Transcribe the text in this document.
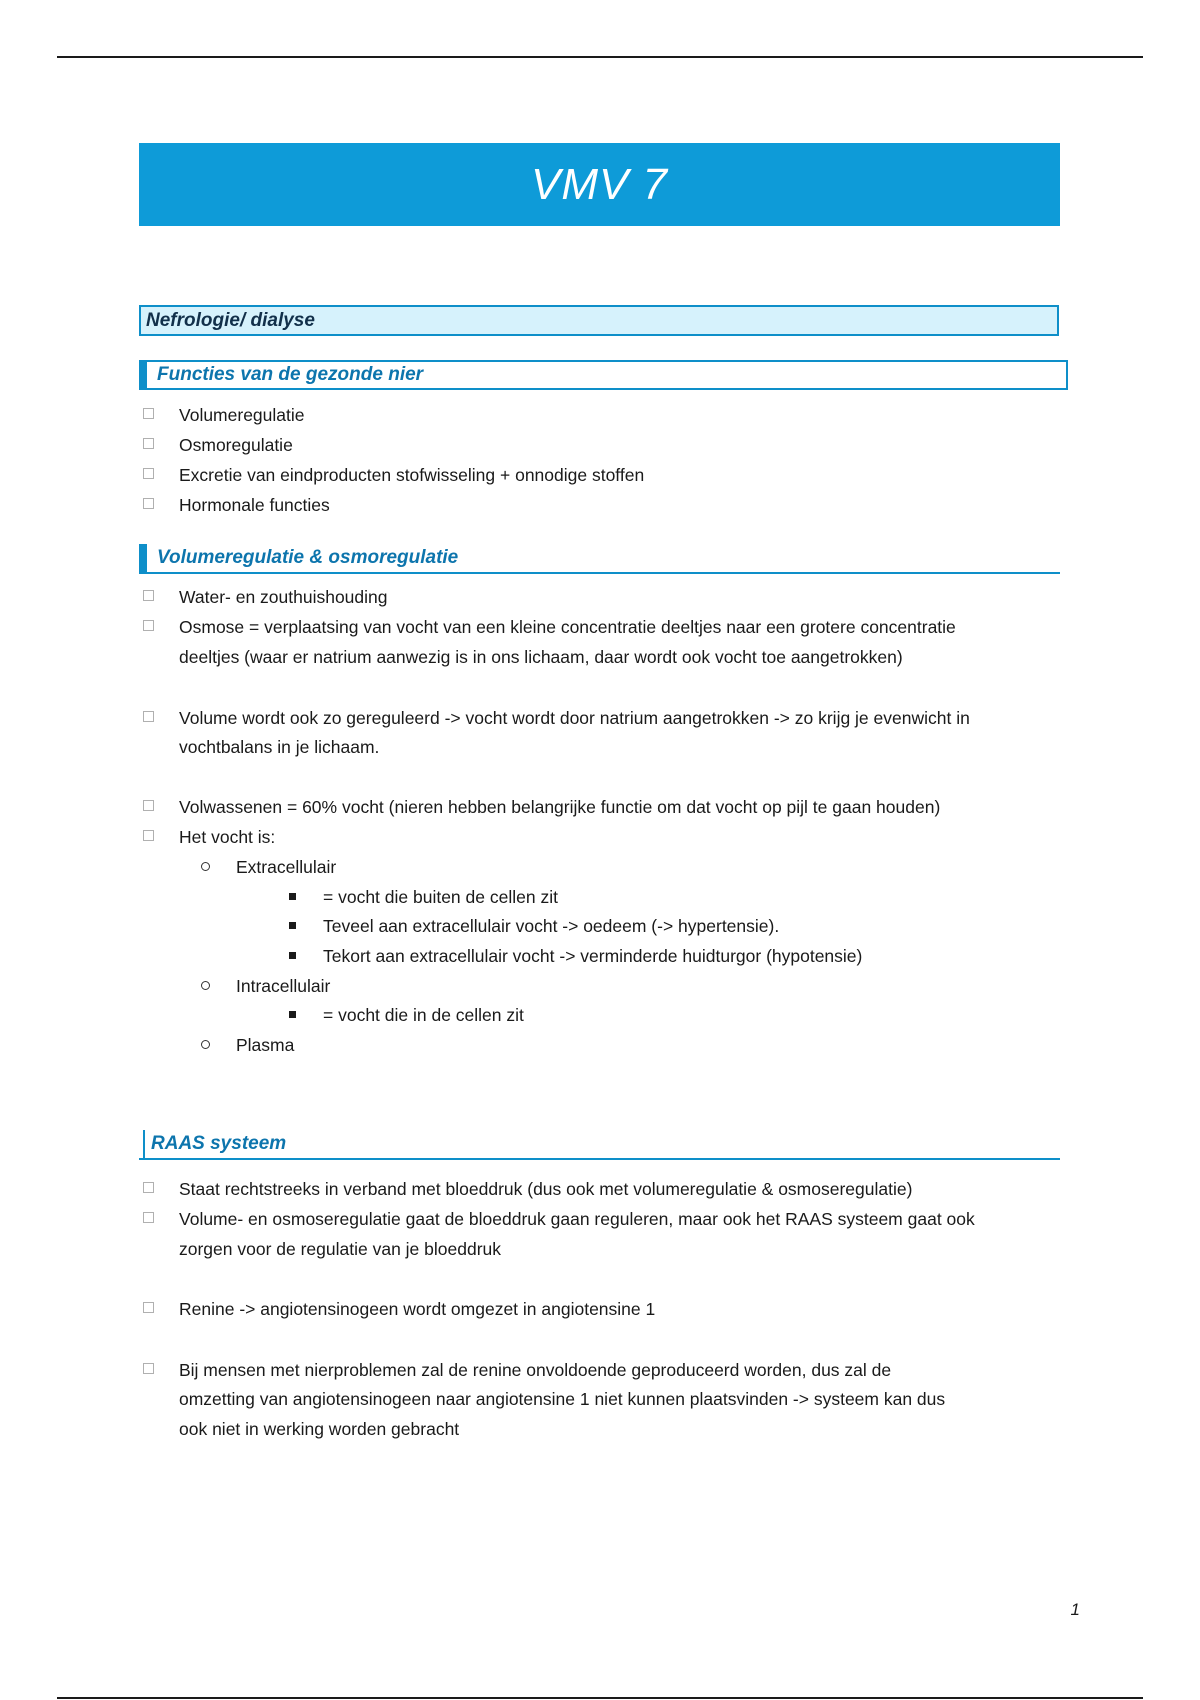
VMV 7
Nefrologie/ dialyse
Functies van de gezonde nier
Volumeregulatie
Osmoregulatie
Excretie van eindproducten stofwisseling + onnodige stoffen
Hormonale functies
Volumeregulatie & osmoregulatie
Water- en zouthuishouding
Osmose = verplaatsing van vocht van een kleine concentratie deeltjes naar een grotere concentratie
deeltjes (waar er natrium aanwezig is in ons lichaam, daar wordt ook vocht toe aangetrokken)
Volume wordt ook zo gereguleerd -> vocht wordt door natrium aangetrokken -> zo krijg je evenwicht in
vochtbalans in je lichaam.
Volwassenen = 60% vocht (nieren hebben belangrijke functie om dat vocht op pijl te gaan houden)
Het vocht is:
Extracellulair
= vocht die buiten de cellen zit
Teveel aan extracellulair vocht -> oedeem (-> hypertensie).
Tekort aan extracellulair vocht -> verminderde huidturgor (hypotensie)
Intracellulair
= vocht die in de cellen zit
Plasma
RAAS systeem
Staat rechtstreeks in verband met bloeddruk (dus ook met volumeregulatie & osmoseregulatie)
Volume- en osmoseregulatie gaat de bloeddruk gaan reguleren, maar ook het RAAS systeem gaat ook
zorgen voor de regulatie van je bloeddruk
Renine -> angiotensinogeen wordt omgezet in angiotensine 1
Bij mensen met nierproblemen zal de renine onvoldoende geproduceerd worden, dus zal de
omzetting van angiotensinogeen naar angiotensine 1 niet kunnen plaatsvinden -> systeem kan dus
ook niet in werking worden gebracht
1
